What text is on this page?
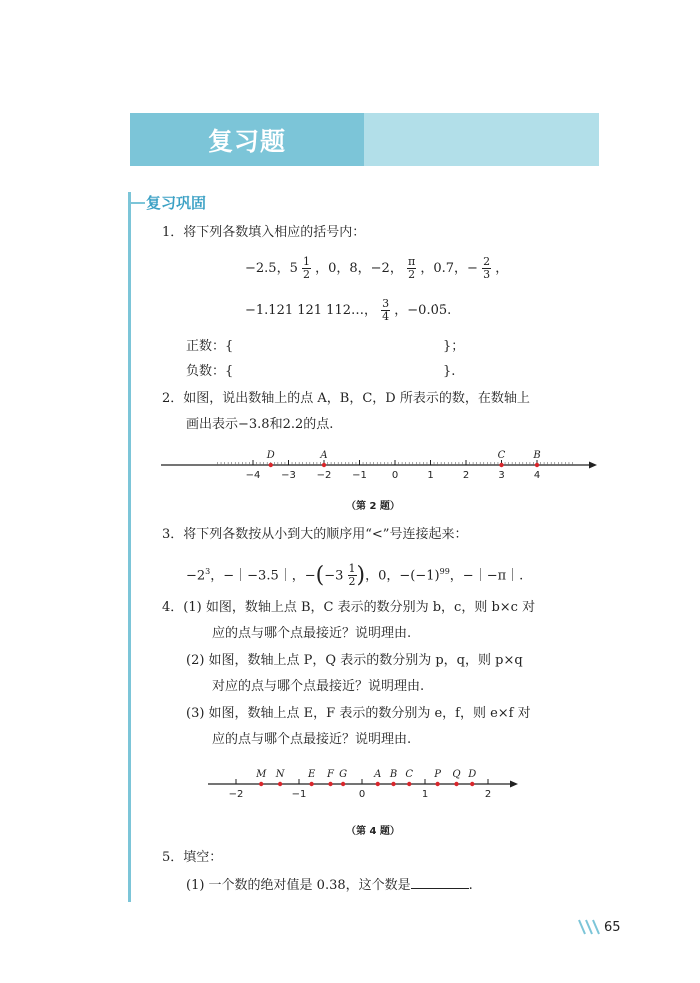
复习题
复习巩固
1．将下列各数填入相应的括号内：
−2.5，$5 \frac{1}{2}$ ，0，8，−2， $\frac{\pi}{2}$ ，0.7，− $\frac{2}{3}$ ，
−1.121 121 112…， $\frac{3}{4}$ ，−0.0̇5̇.
正数：{	}；
负数：{	}.
2．如图，说出数轴上的点 A，B，C，D 所表示的数，在数轴上
画出表示−3.8和2.2的点.
−4 −3 −2 −1 0	1	2	3	4
D	A	C	B
（第 2 题）
3．将下列各数按从小到大的顺序用“<”号连接起来：
$-2^3$，−｜−3.5｜，$-(-3 \frac{1}{2}$ )，0，$-(-1)^{99}$，−｜−π｜.
4．(1) 如图，数轴上点 B，C 表示的数分别为 b，c，则 b×c 对
应的点与哪个点最接近？说明理由.
(2) 如图，数轴上点 P，Q 表示的数分别为 p，q，则 p×q
对应的点与哪个点最接近？说明理由.
(3) 如图，数轴上点 E，F 表示的数分别为 e，f，则 e×f 对
应的点与哪个点最接近？说明理由.
−2	−1	0	1	2
M N E F G	A B C P Q D
（第 4 题）
5．填空：
(1) 一个数的绝对值是 0.38，这个数是	.
65
